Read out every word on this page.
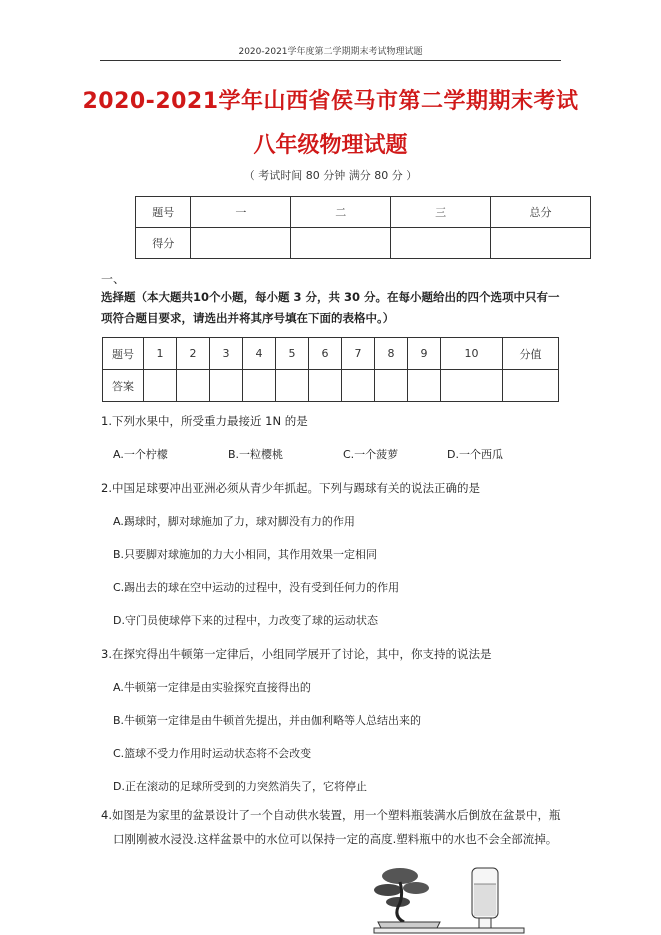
2020-2021学年度第二学期期末考试物理试题
2020-2021学年山西省侯马市第二学期期末考试
八年级物理试题
（ 考试时间 80 分钟 满分 80 分 ）
题号	一	二	三	总分
得分				
一、
选择题（本大题共10个小题，每小题 3 分，共 30 分。在每小题给出的四个选项中只有一项符合题目要求，请选出并将其序号填在下面的表格中。）
题号	1	2	3	4	5	6	7	8	9	10	分值
答案											
1.下列水果中，所受重力最接近 1N 的是
A.一个柠檬	B.一粒樱桃	C.一个菠萝	D.一个西瓜
2.中国足球要冲出亚洲必须从青少年抓起。下列与踢球有关的说法正确的是
A.踢球时，脚对球施加了力，球对脚没有力的作用
B.只要脚对球施加的力大小相同，其作用效果一定相同
C.踢出去的球在空中运动的过程中，没有受到任何力的作用
D.守门员使球停下来的过程中，力改变了球的运动状态
3.在探究得出牛顿第一定律后，小组同学展开了讨论，其中，你支持的说法是
A.牛顿第一定律是由实验探究直接得出的
B.牛顿第一定律是由牛顿首先提出，并由伽利略等人总结出来的
C.篮球不受力作用时运动状态将不会改变
D.正在滚动的足球所受到的力突然消失了，它将停止
4.如图是为家里的盆景设计了一个自动供水装置，用一个塑料瓶装满水后倒放在盆景中，瓶
口刚刚被水浸没.这样盆景中的水位可以保持一定的高度.塑料瓶中的水也不会全部流掉。
